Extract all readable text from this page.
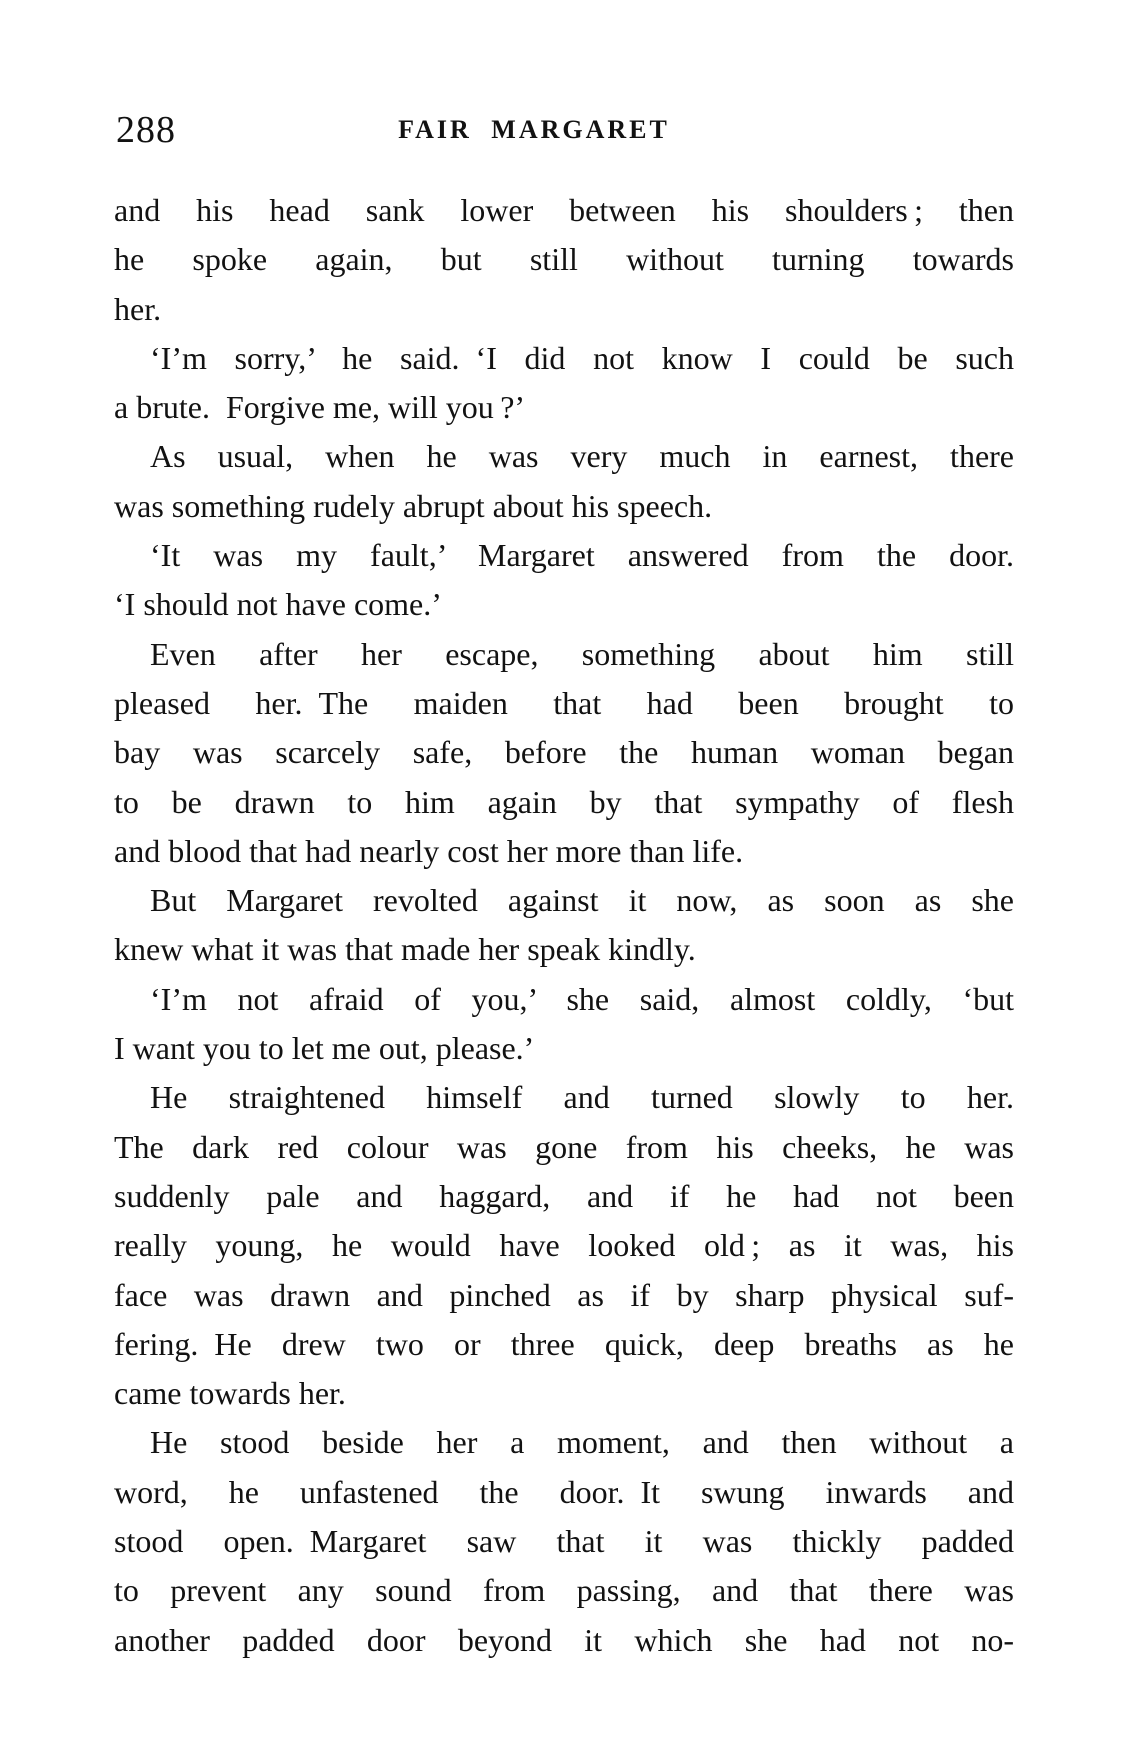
288	FAIR MARGARET
and his head sank lower between his shoulders ; then
he spoke again, but still without turning towards
her.
‘I’m sorry,’ he said. ‘I did not know I could be such
a brute. Forgive me, will you ?’
As usual, when he was very much in earnest, there
was something rudely abrupt about his speech.
‘It was my fault,’ Margaret answered from the door.
‘I should not have come.’
Even after her escape, something about him still
pleased her. The maiden that had been brought to
bay was scarcely safe, before the human woman began
to be drawn to him again by that sympathy of flesh
and blood that had nearly cost her more than life.
But Margaret revolted against it now, as soon as she
knew what it was that made her speak kindly.
‘I’m not afraid of you,’ she said, almost coldly, ‘but
I want you to let me out, please.’
He straightened himself and turned slowly to her.
The dark red colour was gone from his cheeks, he was
suddenly pale and haggard, and if he had not been
really young, he would have looked old ; as it was, his
face was drawn and pinched as if by sharp physical suf-
fering. He drew two or three quick, deep breaths as he
came towards her.
He stood beside her a moment, and then without a
word, he unfastened the door. It swung inwards and
stood open. Margaret saw that it was thickly padded
to prevent any sound from passing, and that there was
another padded door beyond it which she had not no-
